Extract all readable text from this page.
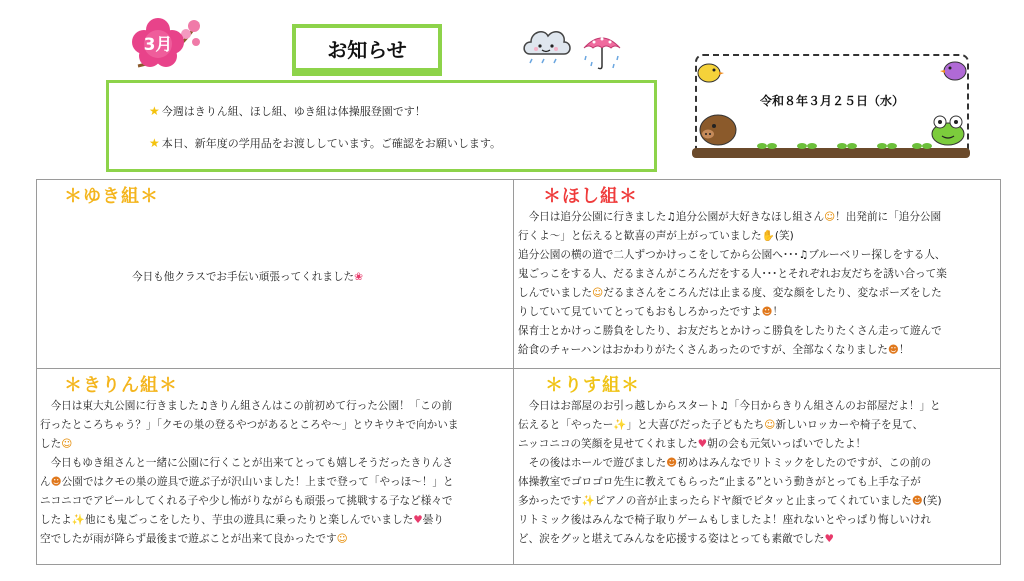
3月	お知らせ
★ 今週はきりん組、ほし組、ゆき組は体操服登園です！
★ 本日、新年度の学用品をお渡ししています。ご確認をお願いします。
令和８年３月２５日（水）
＊ゆき組＊

今日も他クラスでお手伝い頑張ってくれました❀

＊ほし組＊

　今日は追分公園に行きました♫追分公園が大好きなほし組さん☺！出発前に「追分公園

行くよ～」と伝えると歓喜の声が上がっていました✋(笑)

追分公園の横の道で二人ずつかけっこをしてから公園へ･･･♫ブルーベリー探しをする人、

鬼ごっこをする人、だるまさんがころんだをする人･･･とそれぞれお友だちを誘い合って楽

しんでいました☺だるまさんをころんだは止まる度、変な顔をしたり、変なポーズをした

りしていて見ていてとってもおもしろかったですよ☻！

保育士とかけっこ勝負をしたり、お友だちとかけっこ勝負をしたりたくさん走って遊んで

給食のチャーハンはおかわりがたくさんあったのですが、全部なくなりました☻！

＊きりん組＊

　今日は東大丸公園に行きました♫きりん組さんはこの前初めて行った公園！「この前

行ったところちゃう？」「クモの巣の登るやつがあるところや～」とウキウキで向かいま

した☺

　今日もゆき組さんと一緒に公園に行くことが出来てとっても嬉しそうだったきりんさ

ん☻公園ではクモの巣の遊具で遊ぶ子が沢山いました！上まで登って「やっほ～！」と

ニコニコでアピールしてくれる子や少し怖がりながらも頑張って挑戦する子など様々で

したよ✨他にも鬼ごっこをしたり、芋虫の遊具に乗ったりと楽しんでいました♥曇り

空でしたが雨が降らず最後まで遊ぶことが出来て良かったです☺

＊りす組＊

　今日はお部屋のお引っ越しからスタート♫「今日からきりん組さんのお部屋だよ！」と

伝えると「やったー✨」と大喜びだった子どもたち☺新しいロッカーや椅子を見て、

ニッコニコの笑顔を見せてくれました♥朝の会も元気いっぱいでしたよ！

　その後はホールで遊びました☻初めはみんなでリトミックをしたのですが、この前の

体操教室でゴロゴロ先生に教えてもらった“止まる”という動きがとっても上手な子が

多かったです✨ピアノの音が止まったらドヤ顔でピタッと止まってくれていました☻(笑)

リトミック後はみんなで椅子取りゲームもしましたよ！座れないとやっぱり悔しいけれ

ど、涙をグッと堪えてみんなを応援する姿はとっても素敵でした♥
